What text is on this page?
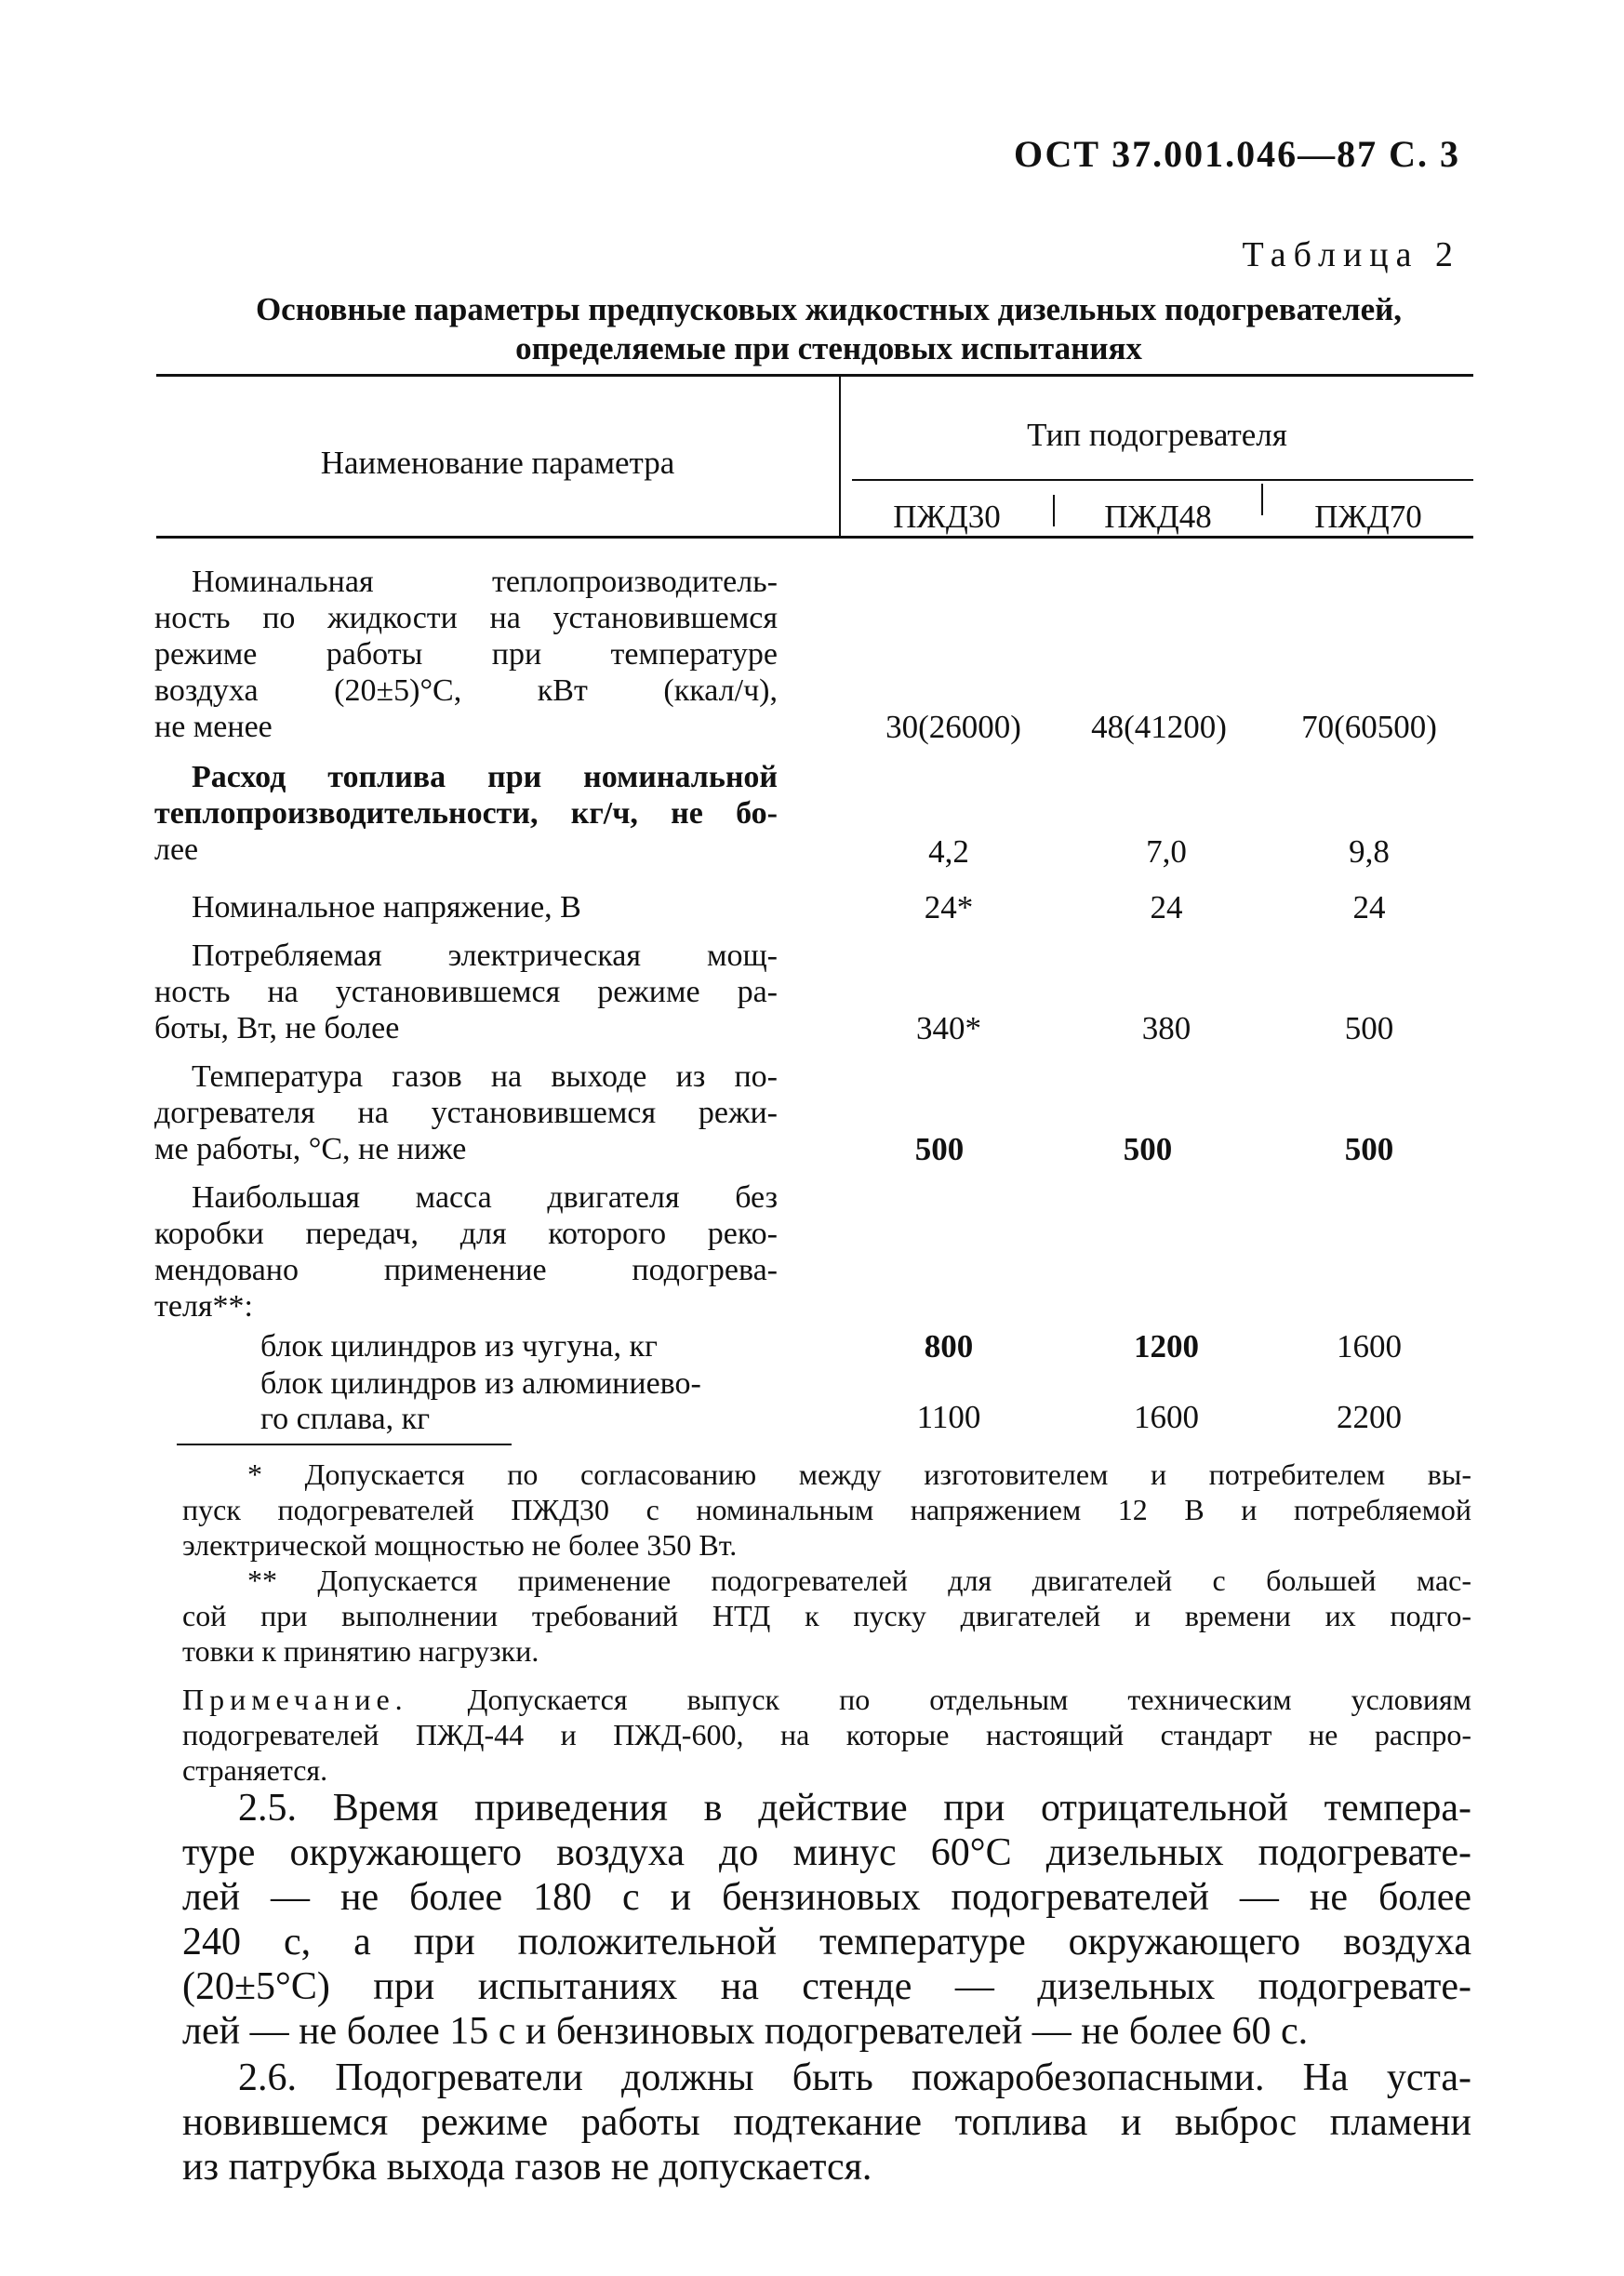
ОСТ 37.001.046—87 С. 3
Таблица 2
Основные параметры предпусковых жидкостных дизельных подогревателей,
определяемые при стендовых испытаниях
Наименование параметра
Тип подогревателя
ПЖД30	ПЖД48	ПЖД70
Номинальная теплопроизводитель-
ность по жидкости на установившемся
режиме работы при температуре
воздуха (20±5)°С, кВт (ккал/ч),
не менее	30(26000)	48(41200)	70(60500)
Расход топлива при номинальной
теплопроизводительности, кг/ч, не бо-
лее	4,2	7,0	9,8
Номинальное напряжение, В	24*	24	24
Потребляемая электрическая мощ-
ность на установившемся режиме ра-
боты, Вт, не более	340*	380	500
Температура газов на выходе из по-
догревателя на установившемся режи-
ме работы, °С, не ниже	500	500	500
Наибольшая масса двигателя без
коробки передач, для которого реко-
мендовано применение подогрева-
теля**:
блок цилиндров из чугуна, кг	800	1200	1600
блок цилиндров из алюминиево-
го сплава, кг	1100	1600	2200
* Допускается по согласованию между изготовителем и потребителем вы-
пуск подогревателей ПЖД30 с номинальным напряжением 12 В и потребляемой
электрической мощностью не более 350 Вт.
** Допускается применение подогревателей для двигателей с большей мас-
сой при выполнении требований НТД к пуску двигателей и времени их подго-
товки к принятию нагрузки.
Примечание. Допускается выпуск по отдельным техническим условиям
подогревателей ПЖД-44 и ПЖД-600, на которые настоящий стандарт не распро-
страняется.
2.5. Время приведения в действие при отрицательной темпера-
туре окружающего воздуха до минус 60°С дизельных подогревате-
лей — не более 180 с и бензиновых подогревателей — не более
240 с, а при положительной температуре окружающего воздуха
(20±5°С) при испытаниях на стенде — дизельных подогревате-
лей — не более 15 с и бензиновых подогревателей — не более 60 с.
2.6. Подогреватели должны быть пожаробезопасными. На уста-
новившемся режиме работы подтекание топлива и выброс пламени
из патрубка выхода газов не допускается.
